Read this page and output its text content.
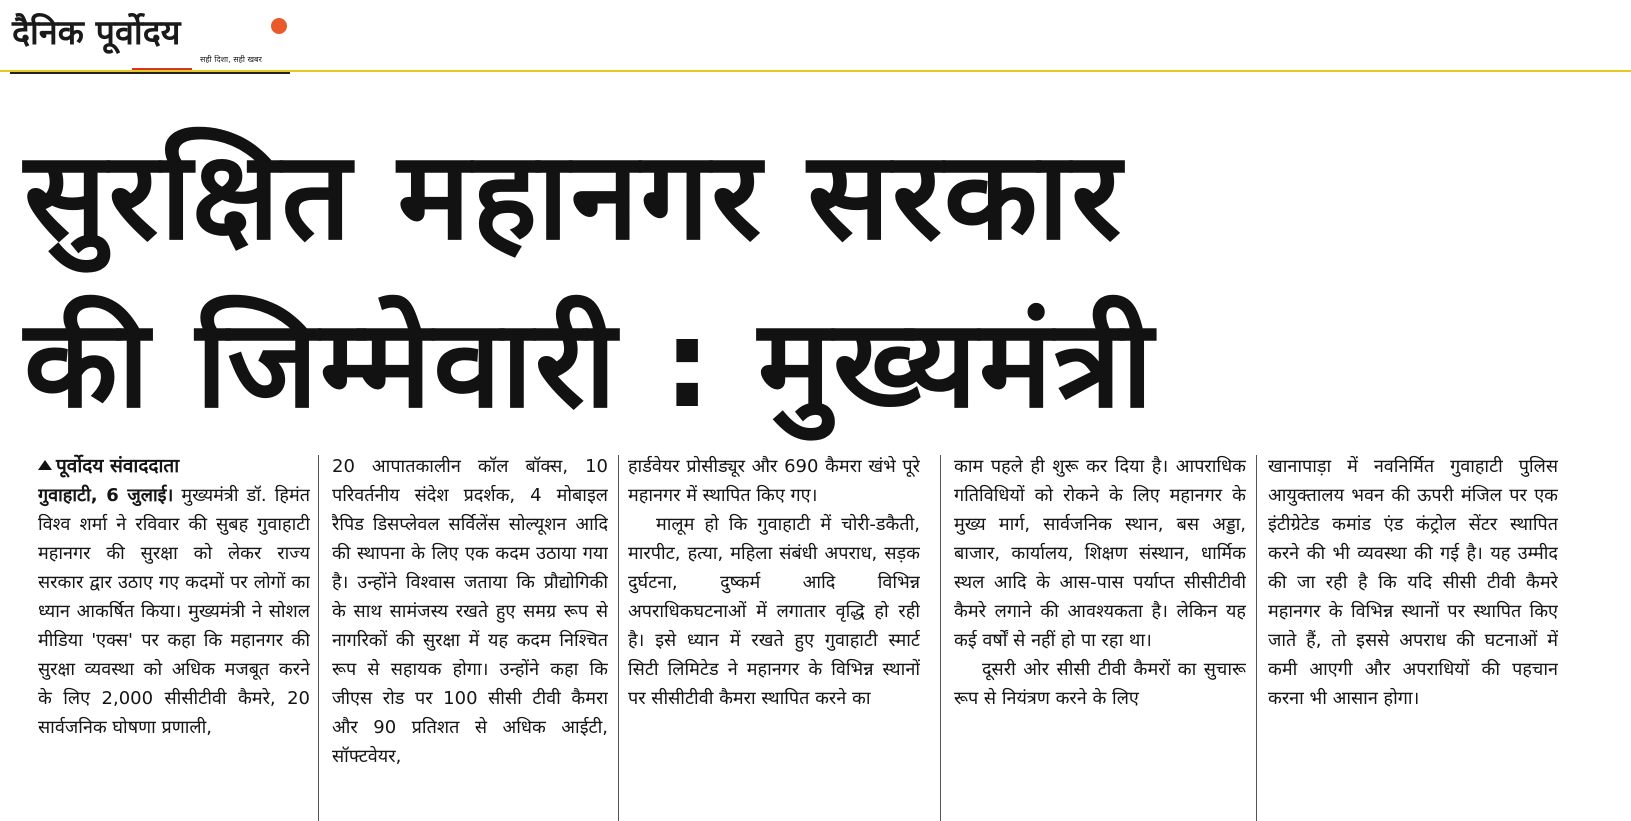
दैनिक पूर्वोदय
सही दिशा, सही खबर
सुरक्षित महानगर सरकार
की जिम्मेवारी : मुख्यमंत्री

पूर्वोदय संवाददाता

गुवाहाटी, 6 जुलाई। मुख्यमंत्री डॉ. हिमंत विश्व शर्मा ने रविवार की सुबह गुवाहाटी महानगर की सुरक्षा को लेकर राज्य सरकार द्वार उठाए गए कदमों पर लोगों का ध्यान आकर्षित किया। मुख्यमंत्री ने सोशल मीडिया 'एक्स' पर कहा कि महानगर की सुरक्षा व्यवस्था को अधिक मजबूत करने के लिए 2,000 सीसीटीवी कैमरे, 20 सार्वजनिक घोषणा प्रणाली,

20 आपातकालीन कॉल बॉक्स, 10 परिवर्तनीय संदेश प्रदर्शक, 4 मोबाइल रैपिड डिसप्लेवल सर्विलेंस सोल्यूशन आदि की स्थापना के लिए एक कदम उठाया गया है। उन्होंने विश्वास जताया कि प्रौद्योगिकी के साथ सामंजस्य रखते हुए समग्र रूप से नागरिकों की सुरक्षा में यह कदम निश्चित रूप से सहायक होगा। उन्होंने कहा कि जीएस रोड पर 100 सीसी टीवी कैमरा और 90 प्रतिशत से अधिक आईटी, सॉफ्टवेयर,

हार्डवेयर प्रोसीड्यूर और 690 कैमरा खंभे पूरे महानगर में स्थापित किए गए।

मालूम हो कि गुवाहाटी में चोरी-डकैती, मारपीट, हत्या, महिला संबंधी अपराध, सड़क दुर्घटना, दुष्कर्म आदि विभिन्न अपराधिकघटनाओं में लगातार वृद्धि हो रही है। इसे ध्यान में रखते हुए गुवाहाटी स्मार्ट सिटी लिमिटेड ने महानगर के विभिन्न स्थानों पर सीसीटीवी कैमरा स्थापित करने का

काम पहले ही शुरू कर दिया है। आपराधिक गतिविधियों को रोकने के लिए महानगर के मुख्य मार्ग, सार्वजनिक स्थान, बस अड्डा, बाजार, कार्यालय, शिक्षण संस्थान, धार्मिक स्थल आदि के आस-पास पर्याप्त सीसीटीवी कैमरे लगाने की आवश्यकता है। लेकिन यह कई वर्षों से नहीं हो पा रहा था।

दूसरी ओर सीसी टीवी कैमरों का सुचारू रूप से नियंत्रण करने के लिए

खानापाड़ा में नवनिर्मित गुवाहाटी पुलिस आयुक्तालय भवन की ऊपरी मंजिल पर एक इंटीग्रेटेड कमांड एंड कंट्रोल सेंटर स्थापित करने की भी व्यवस्था की गई है। यह उम्मीद की जा रही है कि यदि सीसी टीवी कैमरे महानगर के विभिन्न स्थानों पर स्थापित किए जाते हैं, तो इससे अपराध की घटनाओं में कमी आएगी और अपराधियों की पहचान करना भी आसान होगा।
